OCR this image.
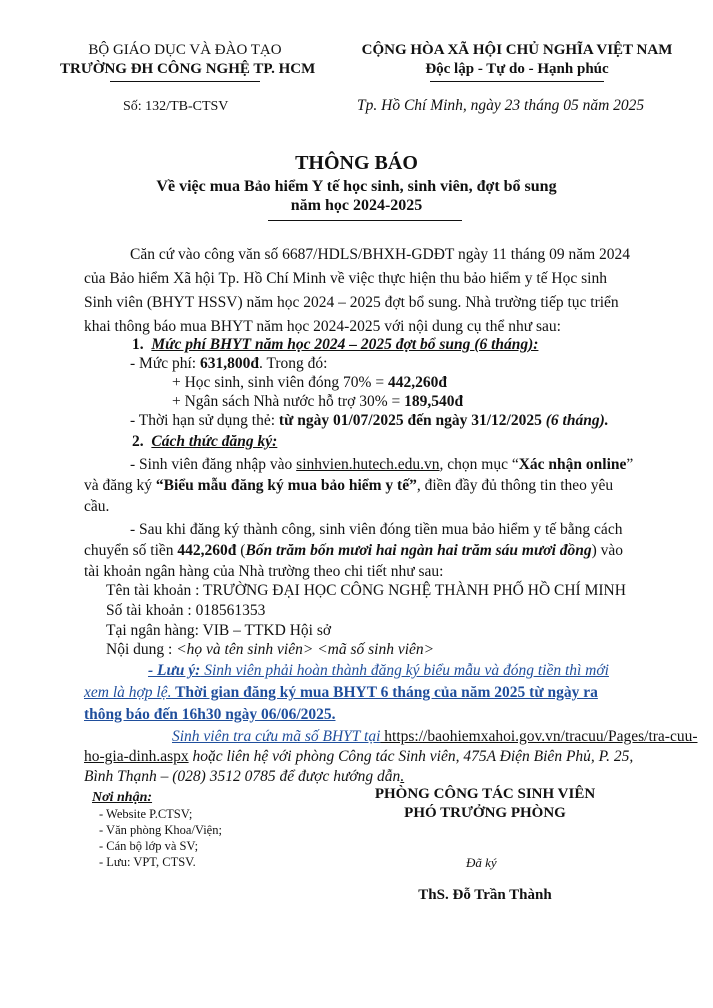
BỘ GIÁO DỤC VÀ ĐÀO TẠO
TRƯỜNG ĐH CÔNG NGHỆ TP. HCM
CỘNG HÒA XÃ HỘI CHỦ NGHĨA VIỆT NAM
Độc lập - Tự do - Hạnh phúc
Số: 132/TB-CTSV	Tp. Hồ Chí Minh, ngày 23 tháng 05 năm 2025
THÔNG BÁO
Về việc mua Bảo hiểm Y tế học sinh, sinh viên, đợt bổ sung
năm học 2024-2025
Căn cứ vào công văn số 6687/HDLS/BHXH-GDĐT ngày 11 tháng 09 năm 2024
của Bảo hiểm Xã hội Tp. Hồ Chí Minh về việc thực hiện thu bảo hiểm y tế Học sinh
Sinh viên (BHYT HSSV) năm học 2024 – 2025 đợt bổ sung. Nhà trường tiếp tục triển
khai thông báo mua BHYT năm học 2024-2025 với nội dung cụ thể như sau:
1. Mức phí BHYT năm học 2024 – 2025 đợt bổ sung (6 tháng):
- Mức phí: 631,800đ. Trong đó:
+ Học sinh, sinh viên đóng 70% = 442,260đ
+ Ngân sách Nhà nước hỗ trợ 30% = 189,540đ
- Thời hạn sử dụng thẻ: từ ngày 01/07/2025 đến ngày 31/12/2025 (6 tháng).
2. Cách thức đăng ký:
- Sinh viên đăng nhập vào sinhvien.hutech.edu.vn, chọn mục “Xác nhận online”
và đăng ký “Biểu mẫu đăng ký mua bảo hiểm y tế”, điền đầy đủ thông tin theo yêu
cầu.
- Sau khi đăng ký thành công, sinh viên đóng tiền mua bảo hiểm y tế bằng cách
chuyển số tiền 442,260đ (Bốn trăm bốn mươi hai ngàn hai trăm sáu mươi đồng) vào
tài khoản ngân hàng của Nhà trường theo chi tiết như sau:
Tên tài khoản : TRƯỜNG ĐẠI HỌC CÔNG NGHỆ THÀNH PHỐ HỒ CHÍ MINH
Số tài khoản : 018561353
Tại ngân hàng: VIB – TTKD Hội sở
Nội dung : <họ và tên sinh viên> <mã số sinh viên>
- Lưu ý: Sinh viên phải hoàn thành đăng ký biểu mẫu và đóng tiền thì mới
xem là hợp lệ. Thời gian đăng ký mua BHYT 6 tháng của năm 2025 từ ngày ra
thông báo đến 16h30 ngày 06/06/2025.
Sinh viên tra cứu mã số BHYT tại https://baohiemxahoi.gov.vn/tracuu/Pages/tra-cuu-
ho-gia-dinh.aspx hoặc liên hệ với phòng Công tác Sinh viên, 475A Điện Biên Phủ, P. 25,
Bình Thạnh – (028) 3512 0785 để được hướng dẫn.
Nơi nhận:
- Website P.CTSV;
- Văn phòng Khoa/Viện;
- Cán bộ lớp và SV;
- Lưu: VPT, CTSV.
PHÒNG CÔNG TÁC SINH VIÊN
PHÓ TRƯỞNG PHÒNG
Đã ký
ThS. Đỗ Trần Thành
